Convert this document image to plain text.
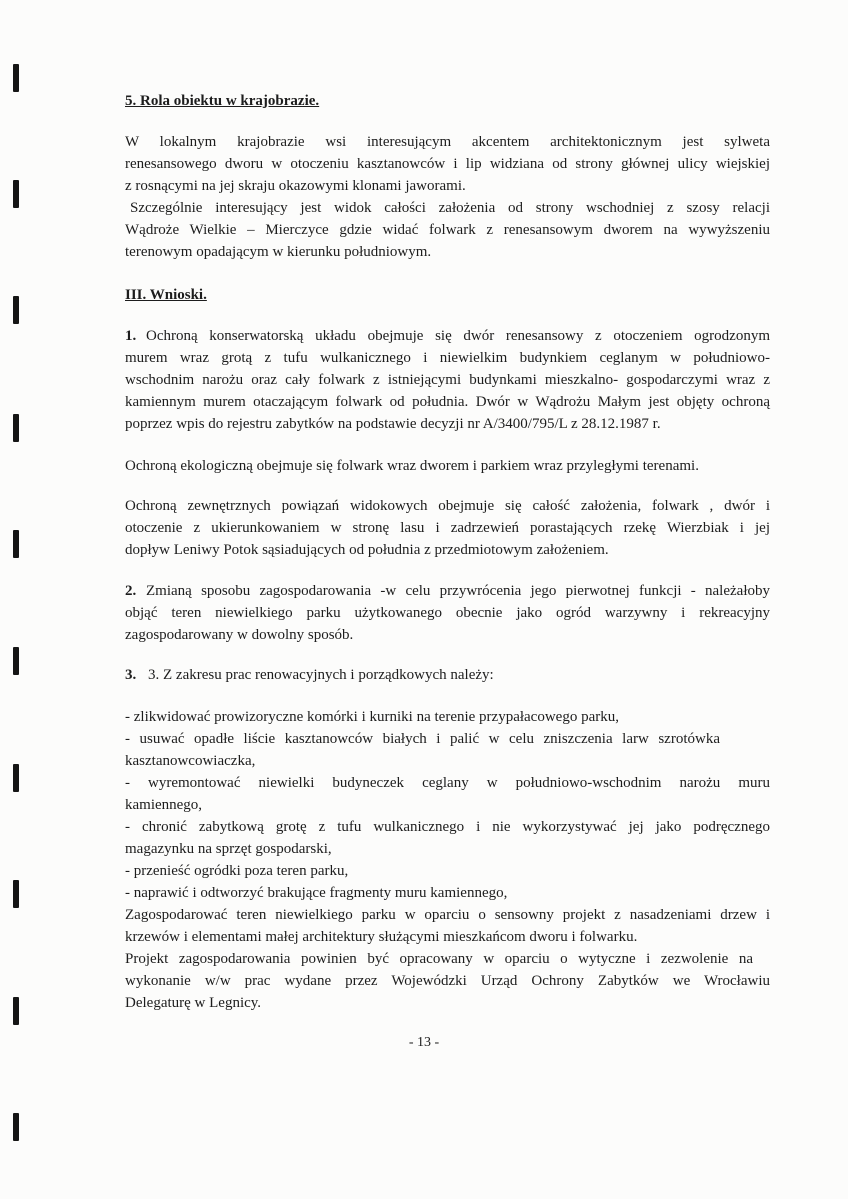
5. Rola obiektu w krajobrazie.
W lokalnym krajobrazie wsi interesującym akcentem architektonicznym jest sylweta
renesansowego dworu w otoczeniu kasztanowców i lip widziana od strony głównej ulicy wiejskiej
z rosnącymi na jej skraju okazowymi klonami jaworami.
Szczególnie interesujący jest widok całości założenia od strony wschodniej z szosy relacji
Wądroże Wielkie – Mierczyce gdzie widać folwark z renesansowym dworem na wywyższeniu
terenowym opadającym w kierunku południowym.
III. Wnioski.
1. Ochroną konserwatorską układu obejmuje się dwór renesansowy z otoczeniem ogrodzonym
murem wraz grotą z tufu wulkanicznego i niewielkim budynkiem ceglanym w południowo-
wschodnim narożu oraz cały folwark z istniejącymi budynkami mieszkalno- gospodarczymi wraz z
kamiennym murem otaczającym folwark od południa. Dwór w Wądrożu Małym jest objęty ochroną
poprzez wpis do rejestru zabytków na podstawie decyzji nr A/3400/795/L z 28.12.1987 r.
Ochroną ekologiczną obejmuje się folwark wraz dworem i parkiem wraz przyległymi terenami.
Ochroną zewnętrznych powiązań widokowych obejmuje się całość założenia, folwark , dwór i
otoczenie z ukierunkowaniem w stronę lasu i zadrzewień porastających rzekę Wierzbiak i jej
dopływ Leniwy Potok sąsiadujących od południa z przedmiotowym założeniem.
2. Zmianą sposobu zagospodarowania -w celu przywrócenia jego pierwotnej funkcji - należałoby
objąć teren niewielkiego parku użytkowanego obecnie jako ogród warzywny i rekreacyjny
zagospodarowany w dowolny sposób.
3. 3. Z zakresu prac renowacyjnych i porządkowych należy:
- zlikwidować prowizoryczne komórki i kurniki na terenie przypałacowego parku,
- usuwać opadłe liście kasztanowców białych i palić w celu zniszczenia larw szrotówka
kasztanowcowiaczka,
- wyremontować niewielki budyneczek ceglany w południowo-wschodnim narożu muru
kamiennego,
- chronić zabytkową grotę z tufu wulkanicznego i nie wykorzystywać jej jako podręcznego
magazynku na sprzęt gospodarski,
- przenieść ogródki poza teren parku,
- naprawić i odtworzyć brakujące fragmenty muru kamiennego,
Zagospodarować teren niewielkiego parku w oparciu o sensowny projekt z nasadzeniami drzew i
krzewów i elementami małej architektury służącymi mieszkańcom dworu i folwarku.
Projekt zagospodarowania powinien być opracowany w oparciu o wytyczne i zezwolenie na
wykonanie w/w prac wydane przez Wojewódzki Urząd Ochrony Zabytków we Wrocławiu
Delegaturę w Legnicy.
- 13 -
